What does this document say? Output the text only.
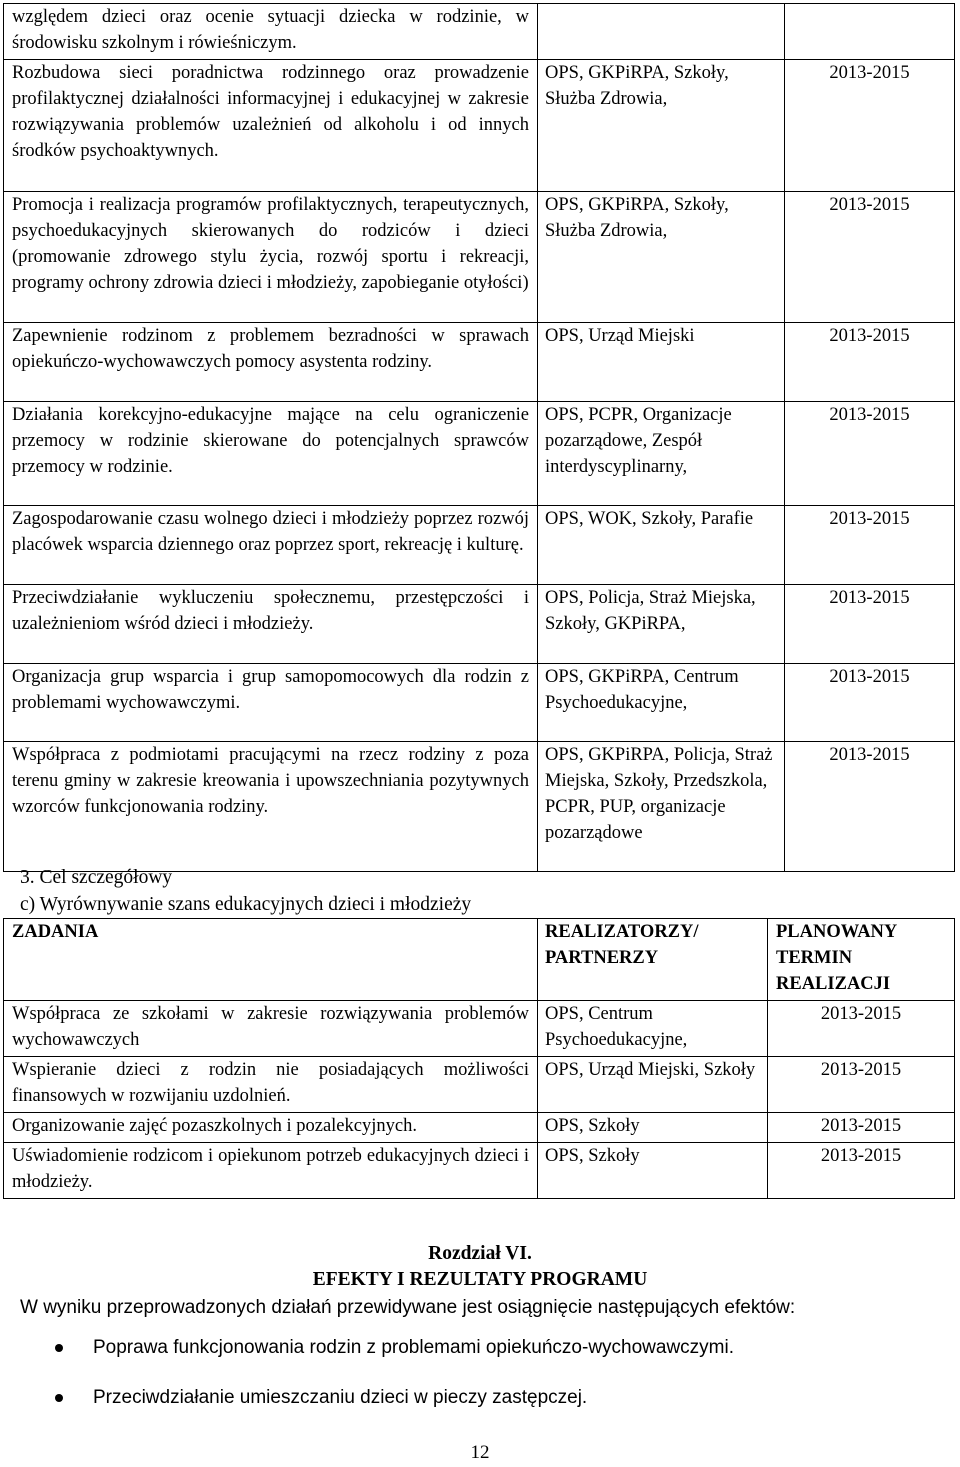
względem dzieci oraz ocenie sytuacji dziecka w rodzinie, w środowisku szkolnym i rówieśniczym.		
Rozbudowa sieci poradnictwa rodzinnego oraz prowadzenie profilaktycznej działalności informacyjnej i edukacyjnej w zakresie rozwiązywania problemów uzależnień od alkoholu i od innych środków psychoaktywnych.	OPS, GKPiRPA, Szkoły, Służba Zdrowia,	2013-2015
Promocja i realizacja programów profilaktycznych, terapeutycznych, psychoedukacyjnych skierowanych do rodziców i dzieci (promowanie zdrowego stylu życia, rozwój sportu i rekreacji, programy ochrony zdrowia dzieci i młodzieży, zapobieganie otyłości)	OPS, GKPiRPA, Szkoły, Służba Zdrowia,	2013-2015
Zapewnienie rodzinom z problemem bezradności w sprawach opiekuńczo-wychowawczych pomocy asystenta rodziny.	OPS, Urząd Miejski	2013-2015
Działania korekcyjno-edukacyjne mające na celu ograniczenie przemocy w rodzinie skierowane do potencjalnych sprawców przemocy w rodzinie.	OPS, PCPR, Organizacje pozarządowe, Zespół interdyscyplinarny,	2013-2015
Zagospodarowanie czasu wolnego dzieci i młodzieży poprzez rozwój placówek wsparcia dziennego oraz poprzez sport, rekreację i kulturę.	OPS, WOK, Szkoły, Parafie	2013-2015
Przeciwdziałanie wykluczeniu społecznemu, przestępczości i uzależnieniom wśród dzieci i młodzieży.	OPS, Policja, Straż Miejska, Szkoły, GKPiRPA,	2013-2015
Organizacja grup wsparcia i grup samopomocowych dla rodzin z problemami wychowawczymi.	OPS, GKPiRPA, Centrum Psychoedukacyjne,	2013-2015
Współpraca z podmiotami pracującymi na rzecz rodziny z poza terenu gminy w zakresie kreowania i upowszechniania pozytywnych wzorców funkcjonowania rodziny.	OPS, GKPiRPA, Policja, Straż Miejska, Szkoły, Przedszkola, PCPR, PUP, organizacje pozarządowe	2013-2015
3. Cel szczegółowy
c) Wyrównywanie szans edukacyjnych dzieci i młodzieży
ZADANIA	REALIZATORZY/ PARTNERZY	PLANOWANY TERMIN REALIZACJI
Współpraca ze szkołami w zakresie rozwiązywania problemów wychowawczych	OPS, Centrum Psychoedukacyjne,	2013-2015
Wspieranie dzieci z rodzin nie posiadających możliwości finansowych w rozwijaniu uzdolnień.	OPS, Urząd Miejski, Szkoły	2013-2015
Organizowanie zajęć pozaszkolnych i pozalekcyjnych.	OPS, Szkoły	2013-2015
Uświadomienie rodzicom i opiekunom potrzeb edukacyjnych dzieci i młodzieży.	OPS, Szkoły	2013-2015
Rozdział VI.
EFEKTY I REZULTATY PROGRAMU
W wyniku przeprowadzonych działań przewidywane jest osiągnięcie następujących efektów:
Poprawa funkcjonowania rodzin z problemami opiekuńczo-wychowawczymi.
Przeciwdziałanie umieszczaniu dzieci w pieczy zastępczej.
12
